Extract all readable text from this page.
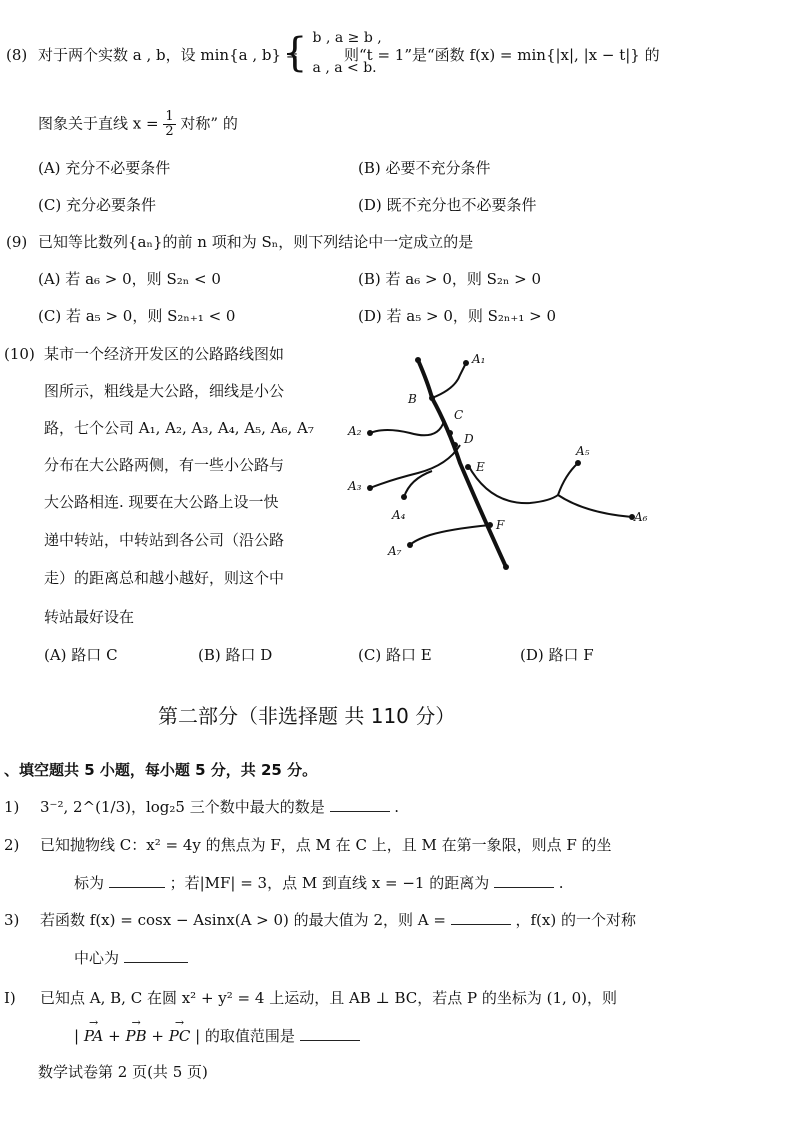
(8) 对于两个实数 a , b，设 min{a , b} =
{ b , a ≥ b ,
a , a < b.
则“t = 1”是“函数 f(x) = min{|x|, |x − t|} 的
图象关于直线 $x = \frac{1}{2}$ 对称” 的
(A) 充分不必要条件	(B) 必要不充分条件
(C) 充分必要条件	(D) 既不充分也不必要条件
(9) 已知等比数列{aₙ}的前 n 项和为 Sₙ，则下列结论中一定成立的是
(A) 若 a₆ > 0，则 S₂ₙ < 0	(B) 若 a₆ > 0，则 S₂ₙ > 0
(C) 若 a₅ > 0，则 S₂ₙ₊₁ < 0	(D) 若 a₅ > 0，则 S₂ₙ₊₁ > 0
(10) 某市一个经济开发区的公路路线图如
图所示，粗线是大公路，细线是小公
路，七个公司 A₁, A₂, A₃, A₄, A₅, A₆, A₇
分布在大公路两侧，有一些小公路与
大公路相连. 现要在大公路上设一快
递中转站，中转站到各公司（沿公路
走）的距离总和越小越好，则这个中
转站最好设在
A₁
A₂
A₃
A₄
A₅
A₆
A₇
B
C
D
E
F
(A) 路口 C	(B) 路口 D	(C) 路口 E	(D) 路口 F
第二部分（非选择题 共 110 分）
、填空题共 5 小题，每小题 5 分，共 25 分。
1) 3⁻², 2^(1/3)，log₂5 三个数中最大的数是	.
2) 已知抛物线 C：x² = 4y 的焦点为 F，点 M 在 C 上，且 M 在第一象限，则点 F 的坐
标为	；若|MF| = 3，点 M 到直线 x = −1 的距离为	.
3) 若函数 f(x) = cosx − Asinx(A > 0) 的最大值为 2，则 A =	，f(x) 的一个对称
中心为
I) 已知点 A, B, C 在圆 x² + y² = 4 上运动，且 AB ⊥ BC，若点 P 的坐标为 (1, 0)，则
| → PA + → PB + → PC | 的取值范围是
数学试卷第 2 页(共 5 页)
